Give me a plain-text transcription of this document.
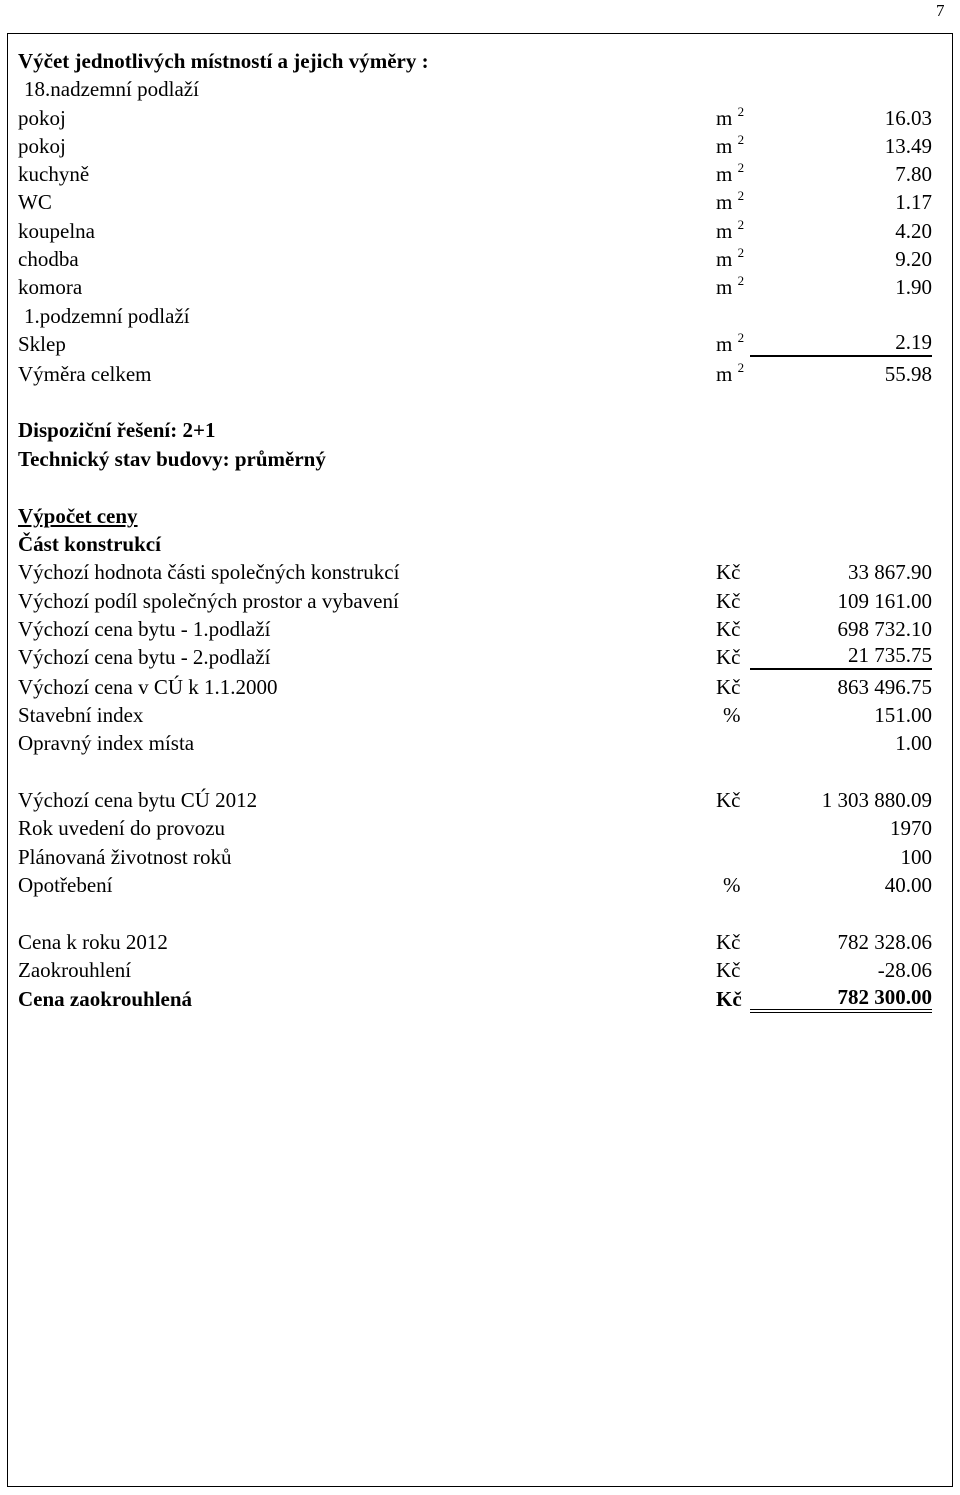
7
Výčet jednotlivých místností a jejich výměry :
18.nadzemní podlaží
pokoj	m $^2$	16.03
pokoj	m $^2$	13.49
kuchyně	m $^2$	7.80
WC	m $^2$	1.17
koupelna	m $^2$	4.20
chodba	m $^2$	9.20
komora	m $^2$	1.90
1.podzemní podlaží
Sklep	m $^2$	2.19
Výměra celkem	m $^2$	55.98
Dispoziční řešení: 2+1
Technický stav budovy: průměrný
Výpočet ceny
Část konstrukcí
Výchozí hodnota části společných konstrukcí	Kč	33 867.90
Výchozí podíl společných prostor a vybavení	Kč	109 161.00
Výchozí cena bytu - 1.podlaží	Kč	698 732.10
Výchozí cena bytu - 2.podlaží	Kč	21 735.75
Výchozí cena v CÚ k 1.1.2000	Kč	863 496.75
Stavební index	%	151.00
Opravný index místa	1.00
Výchozí cena bytu CÚ 2012	Kč	1 303 880.09
Rok uvedení do provozu	1970
Plánovaná životnost roků	100
Opotřebení	%	40.00
Cena k roku 2012	Kč	782 328.06
Zaokrouhlení	Kč	-28.06
Cena zaokrouhlená	Kč	782 300.00
